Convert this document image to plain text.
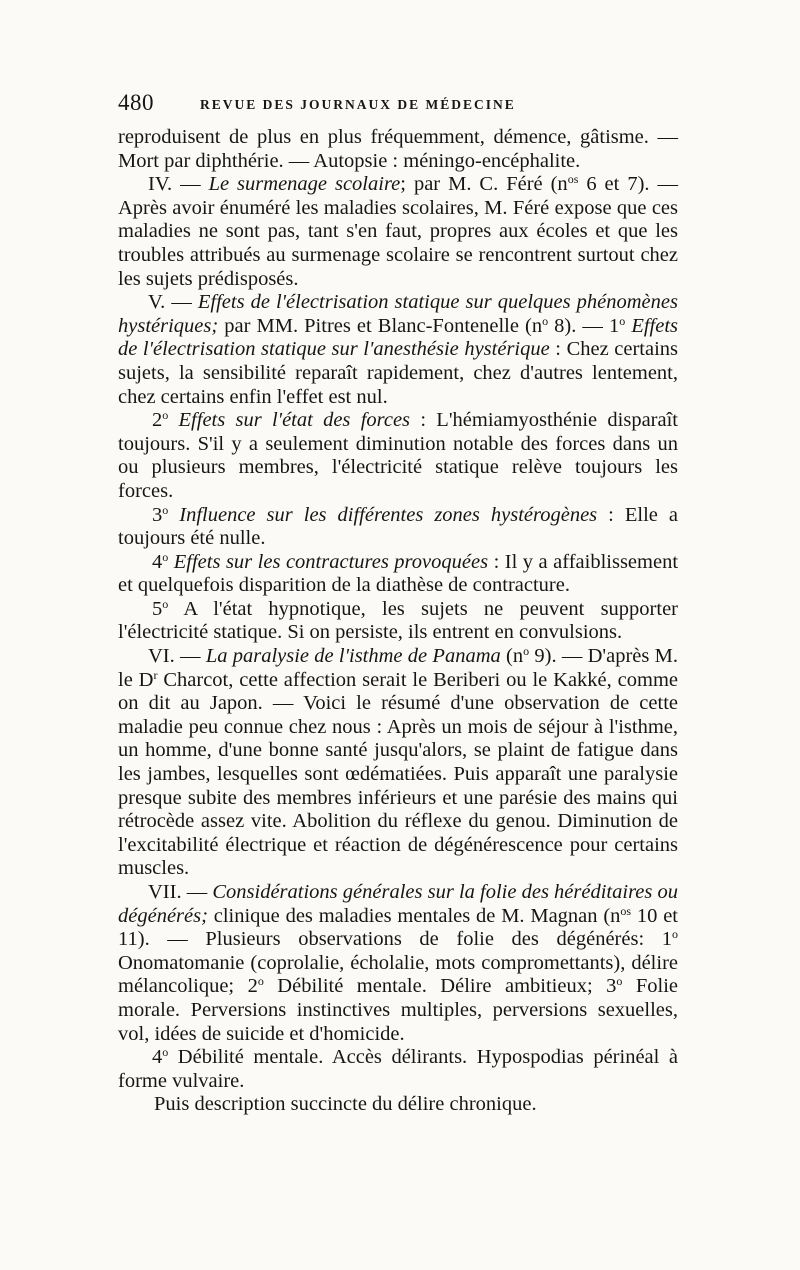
480	REVUE DES JOURNAUX DE MÉDECINE

reproduisent de plus en plus fréquemment, démence, gâtisme. — Mort par diphthérie. — Autopsie : méningo-encéphalite.

IV. — Le surmenage scolaire; par M. C. Féré ($n^{os}$ 6 et 7). — Après avoir énuméré les maladies scolaires, M. Féré expose que ces maladies ne sont pas, tant s'en faut, propres aux écoles et que les troubles attribués au surmenage scolaire se rencontrent surtout chez les sujets prédisposés.

V. — Effets de l'électrisation statique sur quelques phénomènes hystériques; par MM. Pitres et Blanc-Fontenelle ($n^o$ 8). — 1$^o$ Effets de l'électrisation statique sur l'anesthésie hystérique : Chez certains sujets, la sensibilité reparaît rapidement, chez d'autres lentement, chez certains enfin l'effet est nul.

2$^o$ Effets sur l'état des forces : L'hémiamyosthénie disparaît toujours. S'il y a seulement diminution notable des forces dans un ou plusieurs membres, l'électricité statique relève toujours les forces.

3$^o$ Influence sur les différentes zones hystérogènes : Elle a toujours été nulle.

4$^o$ Effets sur les contractures provoquées : Il y a affaiblissement et quelquefois disparition de la diathèse de contracture.

5$^o$ A l'état hypnotique, les sujets ne peuvent supporter l'électricité statique. Si on persiste, ils entrent en convulsions.

VI. — La paralysie de l'isthme de Panama ($n^o$ 9). — D'après M. le $D^r$ Charcot, cette affection serait le Beriberi ou le Kakké, comme on dit au Japon. — Voici le résumé d'une observation de cette maladie peu connue chez nous : Après un mois de séjour à l'isthme, un homme, d'une bonne santé jusqu'alors, se plaint de fatigue dans les jambes, lesquelles sont œdématiées. Puis apparaît une paralysie presque subite des membres inférieurs et une parésie des mains qui rétrocède assez vite. Abolition du réflexe du genou. Diminution de l'excitabilité électrique et réaction de dégénérescence pour certains muscles.

VII. — Considérations générales sur la folie des héréditaires ou dégénérés; clinique des maladies mentales de M. Magnan ($n^{os}$ 10 et 11). — Plusieurs observations de folie des dégénérés: 1$^o$ Onomatomanie (coprolalie, écholalie, mots compromettants), délire mélancolique; 2$^o$ Débilité mentale. Délire ambitieux; 3$^o$ Folie morale. Perversions instinctives multiples, perversions sexuelles, vol, idées de suicide et d'homicide.

4$^o$ Débilité mentale. Accès délirants. Hypospodias périnéal à forme vulvaire.

Puis description succincte du délire chronique.
